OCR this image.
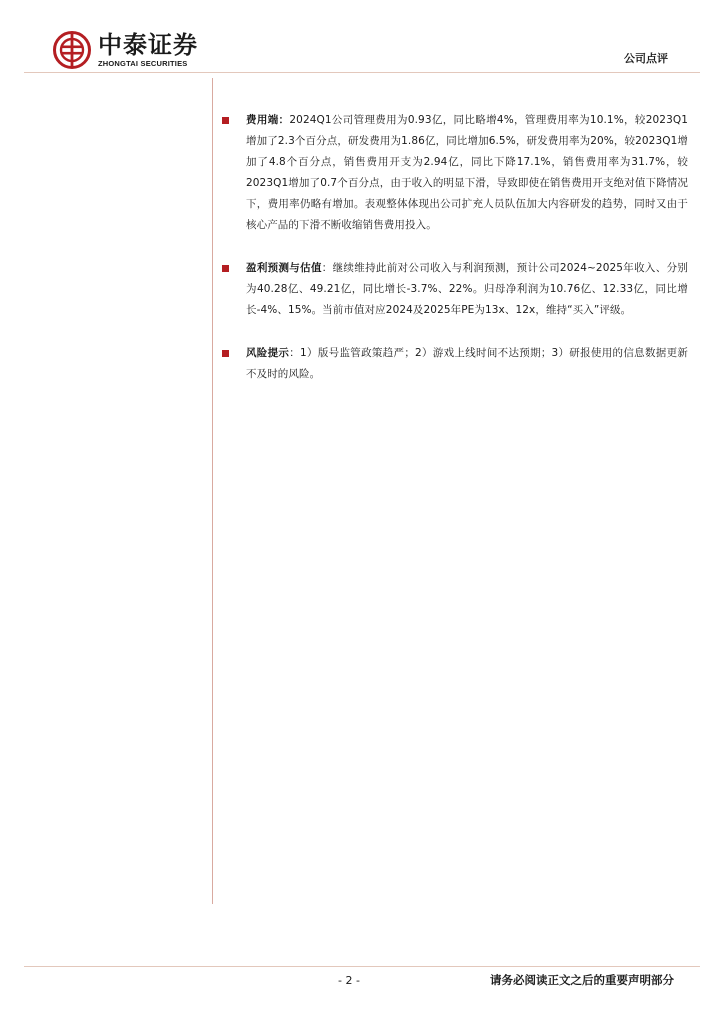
中泰证券
ZHONGTAI SECURITIES	公司点评
费用端：2024Q1公司管理费用为0.93亿，同比略增4%，管理费用率为10.1%，较2023Q1增加了2.3个百分点，研发费用为1.86亿，同比增加6.5%，研发费用率为20%，较2023Q1增加了4.8个百分点，销售费用开支为2.94亿，同比下降17.1%，销售费用率为31.7%，较2023Q1增加了0.7个百分点，由于收入的明显下滑，导致即使在销售费用开支绝对值下降情况下，费用率仍略有增加。表观整体体现出公司扩充人员队伍加大内容研发的趋势，同时又由于核心产品的下滑不断收缩销售费用投入。
盈利预测与估值：继续维持此前对公司收入与利润预测，预计公司2024~2025年收入、分别为40.28亿、49.21亿，同比增长-3.7%、22%。归母净利润为10.76亿、12.33亿，同比增长-4%、15%。当前市值对应2024及2025年PE为13x、12x，维持“买入”评级。
风险提示：1）版号监管政策趋严；2）游戏上线时间不达预期；3）研报使用的信息数据更新不及时的风险。
- 2 -	请务必阅读正文之后的重要声明部分
